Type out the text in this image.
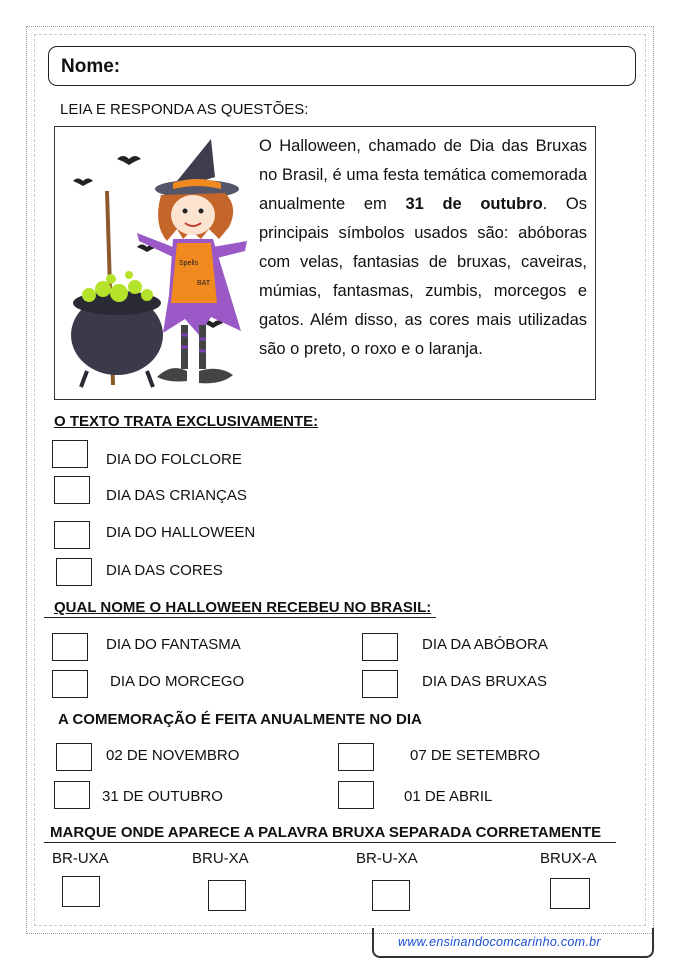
Nome:
LEIA E RESPONDA AS QUESTÕES:
Spells
BAT
O Halloween, chamado de Dia das Bruxas no Brasil, é uma festa temática comemorada anualmente em 31 de outubro. Os principais símbolos usados são: abóboras com velas, fantasias de bruxas, caveiras, múmias, fantasmas, zumbis, morcegos e gatos. Além disso, as cores mais utilizadas são o preto, o roxo e o laranja.
O TEXTO TRATA EXCLUSIVAMENTE:
DIA DO FOLCLORE
DIA DAS CRIANÇAS
DIA DO HALLOWEEN
DIA DAS CORES
QUAL NOME O HALLOWEEN RECEBEU NO BRASIL:
DIA DO FANTASMA	DIA DA ABÓBORA
DIA DO MORCEGO	DIA DAS BRUXAS
A COMEMORAÇÃO É FEITA ANUALMENTE NO DIA
02 DE NOVEMBRO	07 DE SETEMBRO
31 DE OUTUBRO	01 DE ABRIL
MARQUE ONDE APARECE A PALAVRA BRUXA SEPARADA CORRETAMENTE
BR-UXA	BRU-XA	BR-U-XA	BRUX-A
www.ensinandocomcarinho.com.br
